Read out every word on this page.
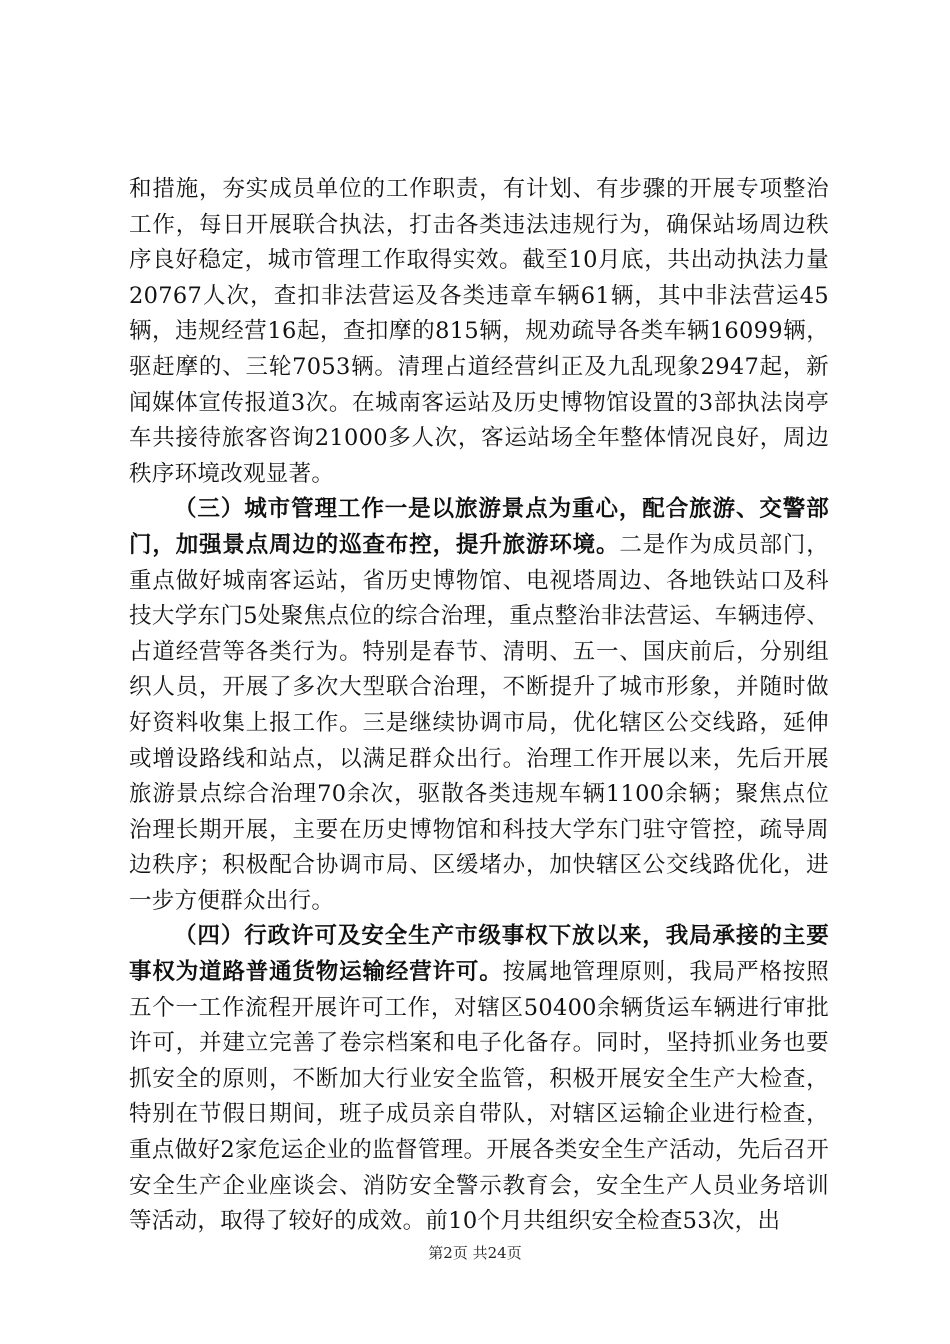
和措施，夯实成员单位的工作职责，有计划、有步骤的开展专项整治工作，每日开展联合执法，打击各类违法违规行为，确保站场周边秩序良好稳定，城市管理工作取得实效。截至10月底，共出动执法力量20767人次，查扣非法营运及各类违章车辆61辆，其中非法营运45辆，违规经营16起，查扣摩的815辆，规劝疏导各类车辆16099辆，驱赶摩的、三轮7053辆。清理占道经营纠正及九乱现象2947起，新闻媒体宣传报道3次。在城南客运站及历史博物馆设置的3部执法岗亭车共接待旅客咨询21000多人次，客运站场全年整体情况良好，周边秩序环境改观显著。

（三）城市管理工作一是以旅游景点为重心，配合旅游、交警部门，加强景点周边的巡查布控，提升旅游环境。二是作为成员部门，重点做好城南客运站，省历史博物馆、电视塔周边、各地铁站口及科技大学东门5处聚焦点位的综合治理，重点整治非法营运、车辆违停、占道经营等各类行为。特别是春节、清明、五一、国庆前后，分别组织人员，开展了多次大型联合治理，不断提升了城市形象，并随时做好资料收集上报工作。三是继续协调市局，优化辖区公交线路，延伸或增设路线和站点，以满足群众出行。治理工作开展以来，先后开展旅游景点综合治理70余次，驱散各类违规车辆1100余辆；聚焦点位治理长期开展，主要在历史博物馆和科技大学东门驻守管控，疏导周边秩序；积极配合协调市局、区缓堵办，加快辖区公交线路优化，进一步方便群众出行。

（四）行政许可及安全生产市级事权下放以来，我局承接的主要事权为道路普通货物运输经营许可。按属地管理原则，我局严格按照五个一工作流程开展许可工作，对辖区50400余辆货运车辆进行审批许可，并建立完善了卷宗档案和电子化备存。同时，坚持抓业务也要抓安全的原则，不断加大行业安全监管，积极开展安全生产大检查，特别在节假日期间，班子成员亲自带队，对辖区运输企业进行检查，重点做好2家危运企业的监督管理。开展各类安全生产活动，先后召开安全生产企业座谈会、消防安全警示教育会，安全生产人员业务培训等活动，取得了较好的成效。前10个月共组织安全检查53次，出

第2页 共24页
